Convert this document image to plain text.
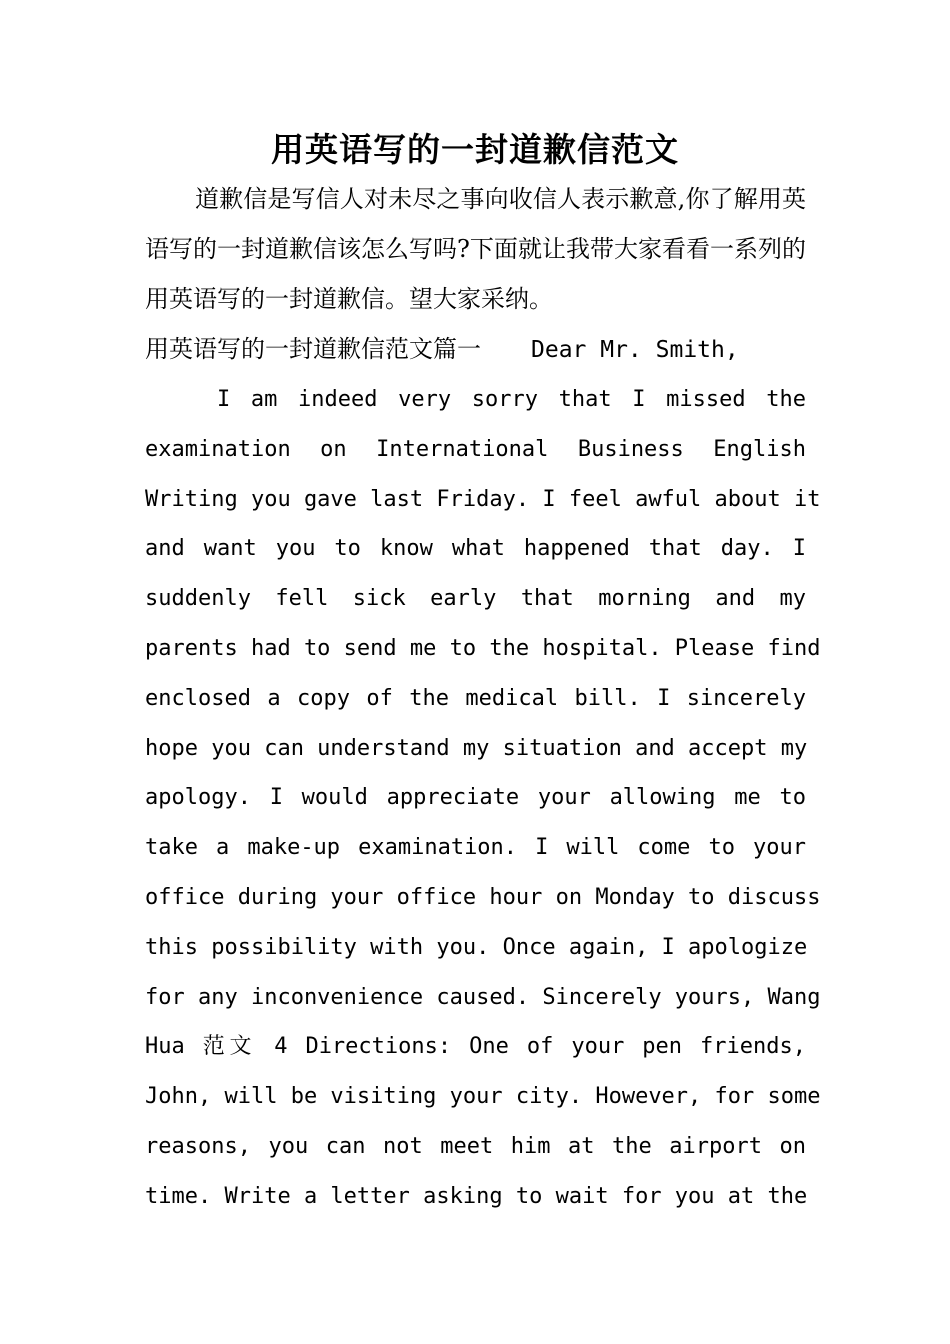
用英语写的一封道歉信范文

道歉信是写信人对未尽之事向收信人表示歉意,你了解用英语写的一封道歉信该怎么写吗?下面就让我带大家看看一系列的用英语写的一封道歉信。望大家采纳。

用英语写的一封道歉信范文篇一 Dear Mr. Smith,

I am indeed very sorry that I missed the

examination on International Business English

Writing you gave last Friday. I feel awful about it

and want you to know what happened that day. I

suddenly fell sick early that morning and my

parents had to send me to the hospital. Please find

enclosed a copy of the medical bill. I sincerely

hope you can understand my situation and accept my

apology. I would appreciate your allowing me to

take a make-up examination. I will come to your

office during your office hour on Monday to discuss

this possibility with you. Once again, I apologize

for any inconvenience caused. Sincerely yours, Wang

Hua 范文 4 Directions: One of your pen friends,

John, will be visiting your city. However, for some

reasons, you can not meet him at the airport on

time. Write a letter asking to wait for you at the
